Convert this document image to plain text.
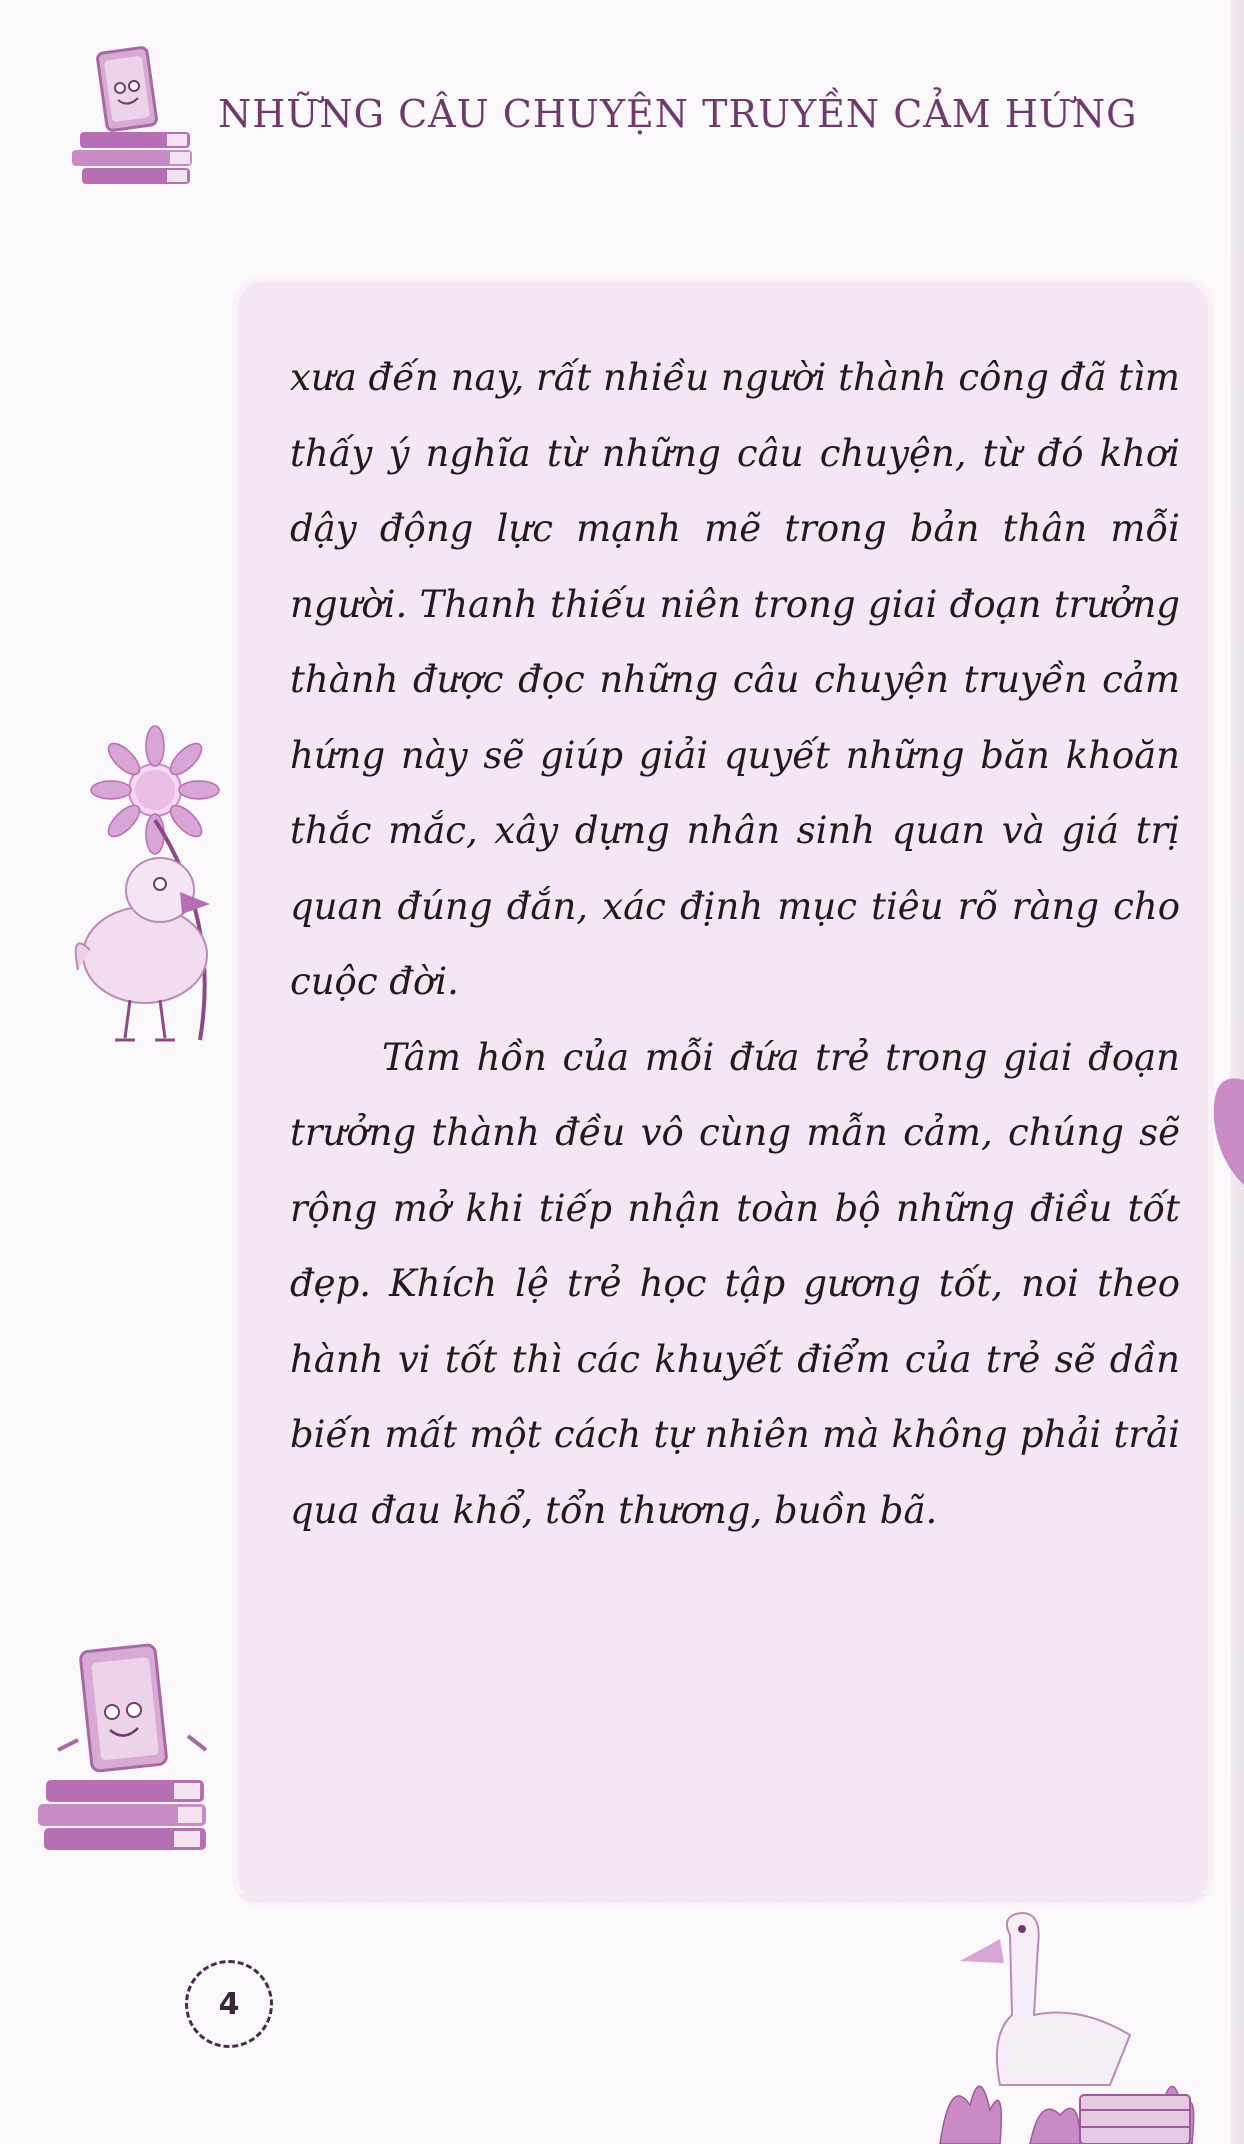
NHỮNG CÂU CHUYỆN TRUYỀN CẢM HỨNG

xưa đến nay, rất nhiều người thành công đã tìm thấy ý nghĩa từ những câu chuyện, từ đó khơi dậy động lực mạnh mẽ trong bản thân mỗi người. Thanh thiếu niên trong giai đoạn trưởng thành được đọc những câu chuyện truyền cảm hứng này sẽ giúp giải quyết những băn khoăn thắc mắc, xây dựng nhân sinh quan và giá trị quan đúng đắn, xác định mục tiêu rõ ràng cho cuộc đời.

Tâm hồn của mỗi đứa trẻ trong giai đoạn trưởng thành đều vô cùng mẫn cảm, chúng sẽ rộng mở khi tiếp nhận toàn bộ những điều tốt đẹp. Khích lệ trẻ học tập gương tốt, noi theo hành vi tốt thì các khuyết điểm của trẻ sẽ dần biến mất một cách tự nhiên mà không phải trải qua đau khổ, tổn thương, buồn bã.

4
